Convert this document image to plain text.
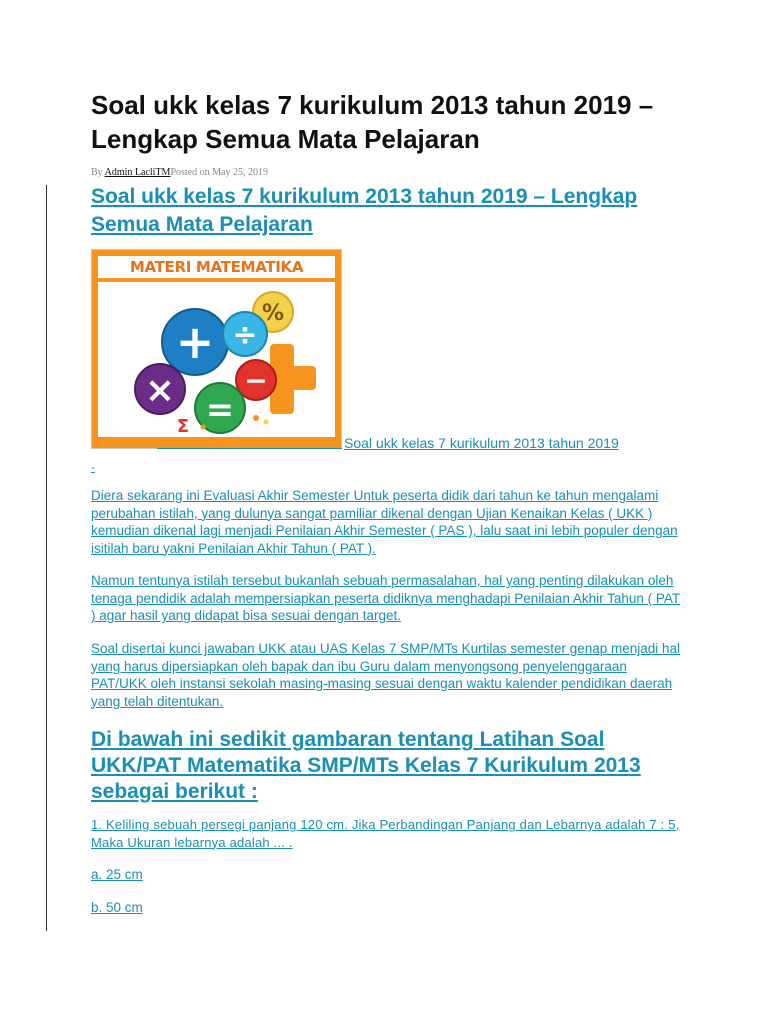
Soal ukk kelas 7 kurikulum 2013 tahun 2019 – Lengkap Semua Mata Pelajaran

By Admin LacliTMPosted on May 25, 2019

Soal ukk kelas 7 kurikulum 2013 tahun 2019 – Lengkap Semua Mata Pelajaran
MATERI MATEMATIKA
%
+ ÷
× −
=
Σ
Soal ukk kelas 7 kurikulum 2013 tahun 2019
-

Diera sekarang ini Evaluasi Akhir Semester Untuk peserta didik dari tahun ke tahun mengalami perubahan istilah, yang dulunya sangat pamiliar dikenal dengan Ujian Kenaikan Kelas ( UKK ) kemudian dikenal lagi menjadi Penilaian Akhir Semester ( PAS ), lalu saat ini lebih populer dengan isitilah baru yakni Penilaian Akhir Tahun ( PAT ).

Namun tentunya istilah tersebut bukanlah sebuah permasalahan, hal yang penting dilakukan oleh tenaga pendidik adalah mempersiapkan peserta didiknya menghadapi Penilaian Akhir Tahun ( PAT ) agar hasil yang didapat bisa sesuai dengan target.

Soal disertai kunci jawaban UKK atau UAS Kelas 7 SMP/MTs Kurtilas semester genap menjadi hal yang harus dipersiapkan oleh bapak dan ibu Guru dalam menyongsong penyelenggaraan PAT/UKK oleh instansi sekolah masing-masing sesuai dengan waktu kalender pendidikan daerah yang telah ditentukan.

Di bawah ini sedikit gambaran tentang Latihan Soal UKK/PAT Matematika SMP/MTs Kelas 7 Kurikulum 2013 sebagai berikut :

1. Keliling sebuah persegi panjang 120 cm. Jika Perbandingan Panjang dan Lebarnya adalah 7 : 5, Maka Ukuran lebarnya adalah ... .

a. 25 cm

b. 50 cm
